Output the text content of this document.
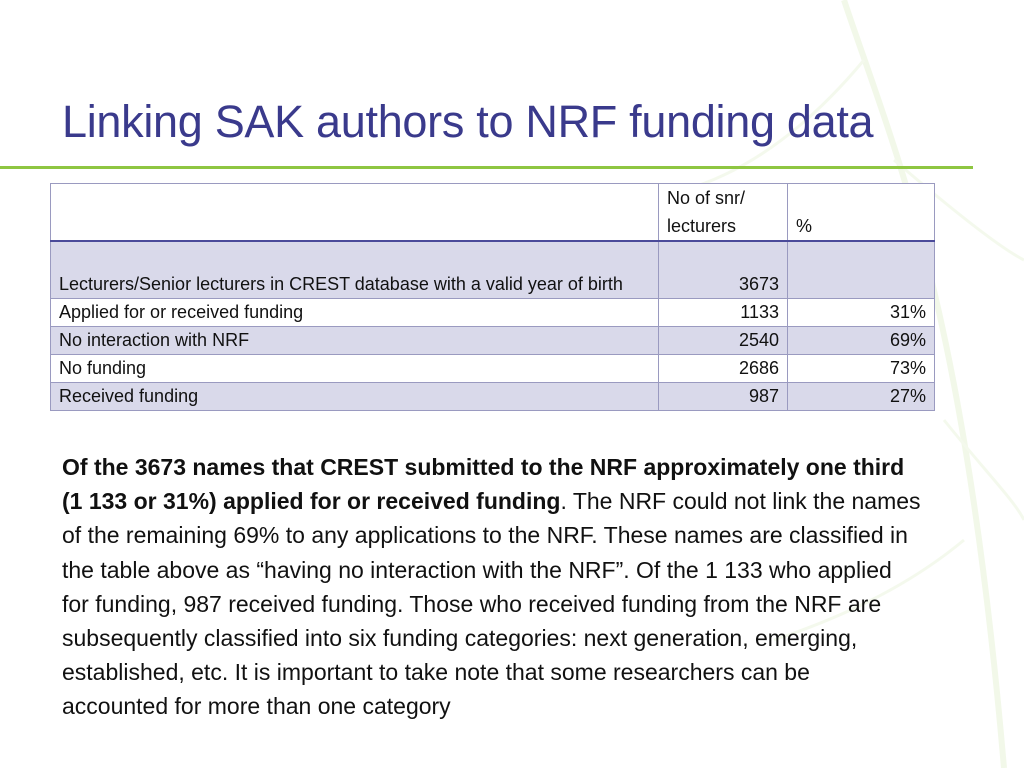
Linking SAK authors to NRF funding data
	No of snr/ lecturers	%
Lecturers/Senior lecturers in CREST database with a valid year of birth	3673	
Applied for or received funding	1133	31%
No interaction with NRF	2540	69%
No funding	2686	73%
Received funding	987	27%
Of the 3673 names that CREST submitted to the NRF approximately one third (1 133 or 31%) applied for or received funding. The NRF could not link the names of the remaining 69% to any applications to the NRF. These names are classified in the table above as “having no interaction with the NRF”. Of the 1 133 who applied for funding, 987 received funding. Those who received funding from the NRF are subsequently classified into six funding categories: next generation, emerging, established, etc. It is important to take note that some researchers can be accounted for more than one category
